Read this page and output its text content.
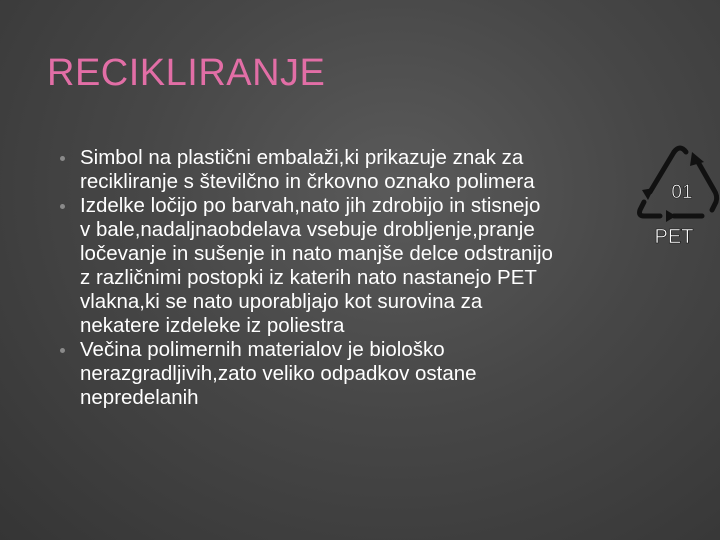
RECIKLIRANJE
Simbol na plastični embalaži,ki prikazuje znak za
recikliranje s številčno in črkovno oznako polimera
Izdelke ločijo po barvah,nato jih zdrobijo in stisnejo
v bale,nadaljnaobdelava vsebuje drobljenje,pranje
ločevanje in sušenje in nato manjše delce odstranijo
z različnimi postopki iz katerih nato nastanejo PET
vlakna,ki se nato uporabljajo kot surovina za
nekatere izdeleke iz poliestra
Večina polimernih materialov je biološko
nerazgradljivih,zato veliko odpadkov ostane
nepredelanih
01
PET
